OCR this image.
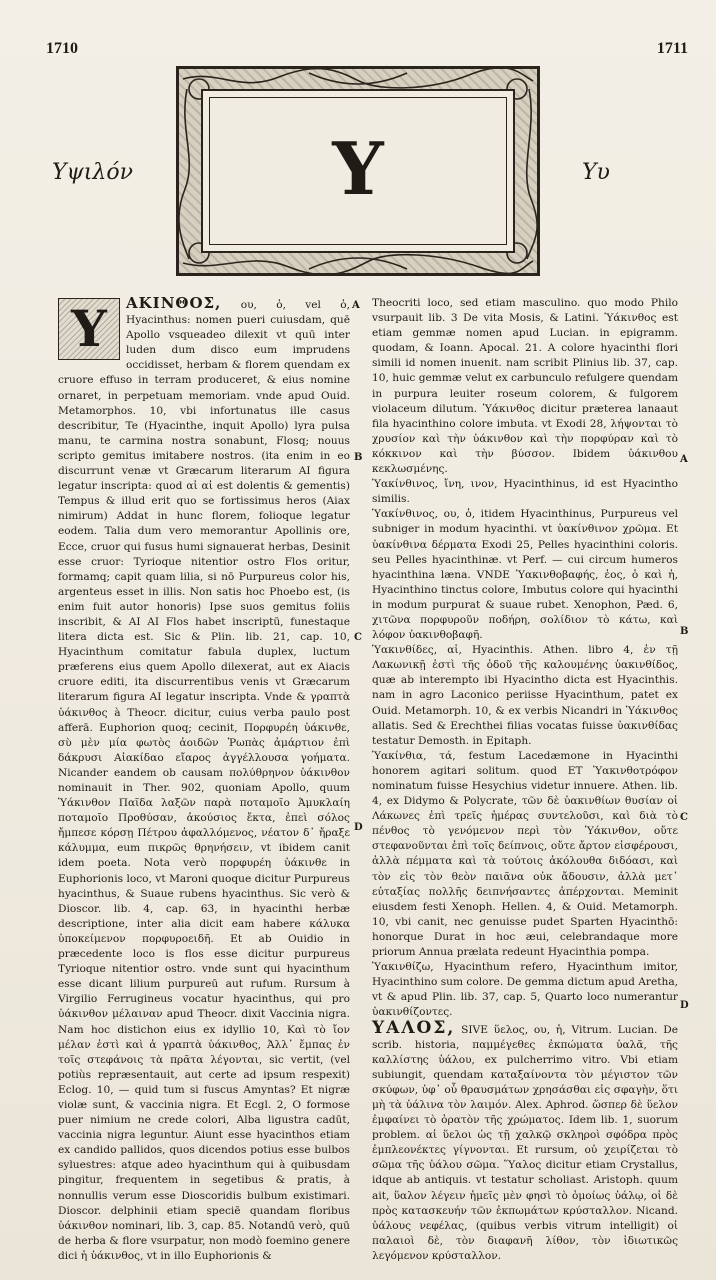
1710	1711
Υψιλόν	Υυ
Υ

Υ	ΑΚΙΝΘΟΣ, ου, ὁ, vel ὁ, Hyacinthus: nomen pueri cuiusdam, quē Apollo vsqueadeo dilexit vt quū inter luden dum disco eum imprudens occidisset, herbam & florem quendam ex cruore effuso in terram produceret, & eius nomine ornaret, in perpetuam memoriam. vnde apud Ouid. Metamorphos. 10, vbi infortunatus ille casus describitur, Te (Hyacinthe, inquit Apollo) lyra pulsa manu, te carmina nostra sonabunt, Flosq; nouus scripto gemitus imitabere nostros. (ita enim in eo discurrunt venæ vt Græcarum literarum AI figura legatur inscripta: quod αἰ αἰ est dolentis & gementis) Tempus & illud erit quo se fortissimus heros (Aiax nimirum) Addat in hunc florem, folioque legatur eodem. Talia dum vero memorantur Apollinis ore, Ecce, cruor qui fusus humi signauerat herbas, Desinit esse cruor: Tyrioque nitentior ostro Flos oritur, formamq; capit quam lilia, si nō Purpureus color his, argenteus esset in illis. Non satis hoc Phoebo est, (is enim fuit autor honoris) Ipse suos gemitus foliis inscribit, & AI AI Flos habet inscriptū, funestaque litera dicta est. Sic & Plin. lib. 21, cap. 10, Hyacinthum comitatur fabula duplex, luctum præferens eius quem Apollo dilexerat, aut ex Aiacis cruore editi, ita discurrentibus venis vt Græcarum literarum figura AI legatur inscripta. Vnde & γραπτὰ ὑάκινθος à Theocr. dicitur, cuius verba paulo post afferā. Euphorion quoq; cecinit, Πορφυρέη ὑάκινθε, σὺ μὲν μία φωτὸς ἀοιδῶν Ῥωπὰς ἀμάρτιον ἐπὶ δάκρυσι Αἰακίδαο εἴαρος ἀγγέλλουσα γοήματα. Nicander eandem ob causam πολύθρηνον ὑάκινθον nominauit in Ther. 902, quoniam Apollo, quum Ὑάκινθον Παῖδα λαξῶν παρὰ ποταμοῖο Ἀμυκλαίη ποταμοῖο Προθύσαν, ἀκούσιος ἔκτα, ἐπεὶ σόλος ἤμπεσε κόρσῃ Πέτρου ἀφαλλόμενος, νέατον δ᾽ ἤραξε κάλυμμα, eum πικρῶς θρηνήσειν, vt ibidem canit idem poeta. Nota verò πορφυρέη ὑάκινθε in Euphorionis loco, vt Maroni quoque dicitur Purpureus hyacinthus, & Suaue rubens hyacinthus. Sic verò & Dioscor. lib. 4, cap. 63, in hyacinthi herbæ descriptione, inter alia dicit eam habere κάλυκα ὑποκείμενον πορφυροειδῆ. Et ab Ouidio in præcedente loco is flos esse dicitur purpureus Tyrioque nitentior ostro. vnde sunt qui hyacinthum esse dicant lilium purpureū aut rufum. Rursum à Virgilio Ferrugineus vocatur hyacinthus, qui pro ὑάκινθον μέλαιναν apud Theocr. dixit Vaccinia nigra. Nam hoc distichon eius ex idyllio 10, Καὶ τὸ ἴον μέλαν ἐστὶ καὶ ἁ γραπτὰ ὑάκινθος, Ἀλλ᾽ ἔμπας ἐν τοῖς στεφάνοις τὰ πρᾶτα λέγονται, sic vertit, (vel potiùs repræsentauit, aut certe ad ipsum respexit) Eclog. 10, — quid tum si fuscus Amyntas? Et nigræ violæ sunt, & vaccinia nigra. Et Ecgl. 2, O formose puer nimium ne crede colori, Alba ligustra cadūt, vaccinia nigra leguntur. Aiunt esse hyacinthos etiam ex candido pallidos, quos dicendos potius esse bulbos syluestres: atque adeo hyacinthum qui à quibusdam pingitur, frequentem in segetibus & pratis, à nonnullis verum esse Dioscoridis bulbum existimari. Dioscor. delphinii etiam speciē quandam floribus ὑάκινθον nominari, lib. 3, cap. 85. Notandū verò, quū de herba & flore vsurpatur, non modò foemino genere dici ἡ ὑάκινθος, vt in illo Euphorionis &

Theocriti loco, sed etiam masculino. quo modo Philo vsurpauit lib. 3 De vita Mosis, & Latini. Ὑάκινθος est etiam gemmæ nomen apud Lucian. in epigramm. quodam, & Ioann. Apocal. 21. A colore hyacinthi flori simili id nomen inuenit. nam scribit Plinius lib. 37, cap. 10, huic gemmæ velut ex carbunculo refulgere quendam in purpura leuiter roseum colorem, & fulgorem violaceum dilutum. Ὑάκινθος dicitur præterea lanaaut fila hyacinthino colore imbuta. vt Exodi 28, λήψονται τὸ χρυσίον καὶ τὴν ὑάκινθον καὶ τὴν πορφύραν καὶ τὸ κόκκινον καὶ τὴν βύσσον. Ibidem ὑάκινθου κεκλωσμένης.

Ὑακίνθινος, ἴνη, ινον, Hyacinthinus, id est Hyacintho similis.

Ὑακίνθινος, ου, ὁ, itidem Hyacinthinus, Purpureus vel subniger in modum hyacinthi. vt ὑακίνθινον χρῶμα. Et ὑακίνθινα δέρματα Exodi 25, Pelles hyacinthini coloris. seu Pelles hyacinthinæ. vt Perf. — cui circum humeros hyacinthina læna. VNDE Ὑακινθοβαφής, ἐος, ὁ καὶ ἡ, Hyacinthino tinctus colore, Imbutus colore qui hyacinthi in modum purpurat & suaue rubet. Xenophon, Pæd. 6, χιτῶνα πορφυροῦν ποδήρη, σολίδιον τὸ κάτω, καὶ λόφον ὑακινθοβαφῆ.

Ὑακινθίδες, αἱ, Hyacinthis. Athen. libro 4, ἐν τῇ Λακωνικῇ ἐστὶ τῆς ὁδοῦ τῆς καλουμένης ὑακινθίδος, quæ ab interempto ibi Hyacintho dicta est Hyacinthis. nam in agro Laconico periisse Hyacinthum, patet ex Ouid. Metamorph. 10, & ex verbis Nicandri in Ὑάκινθος allatis. Sed & Erechthei filias vocatas fuisse ὑακινθίδας testatur Demosth. in Epitaph.

Ὑακίνθια, τά, festum Lacedæmone in Hyacinthi honorem agitari solitum. quod ET Ὑακινθοτρόφον nominatum fuisse Hesychius videtur innuere. Athen. lib. 4, ex Didymo & Polycrate, τῶν δὲ ὑακινθίων θυσίαν οἱ Λάκωνες ἐπὶ τρεῖς ἡμέρας συντελοῦσι, καὶ διὰ τὸ πένθος τὸ γενόμενον περὶ τὸν Ὑάκινθον, οὔτε στεφανοῦνται ἐπὶ τοῖς δείπνοις, οὔτε ἄρτον εἰσφέρουσι, ἀλλὰ πέμματα καὶ τὰ τούτοις ἀκόλουθα διδόασι, καὶ τὸν εἰς τὸν θεὸν παιᾶνα οὐκ ἄδουσιν, ἀλλὰ μετ᾽ εὐταξίας πολλῆς δειπνήσαντες ἀπέρχονται. Meminit eiusdem festi Xenoph. Hellen. 4, & Ouid. Metamorph. 10, vbi canit, nec genuisse pudet Sparten Hyacinthō: honorque Durat in hoc æui, celebrandaque more priorum Annua prælata redeunt Hyacinthia pompa.

Ὑακινθίζω, Hyacinthum refero, Hyacinthum imitor, Hyacinthino sum colore. De gemma dictum apud Aretha, vt & apud Plin. lib. 37, cap. 5, Quarto loco numerantur ὑακινθίζοντες.

ΥΑΛΟΣ, SIVE ὕελος, ου, ἡ, Vitrum. Lucian. De scrib. historia, παμμέγεθες ἐκπώματα ὑαλᾶ, τῆς καλλίστης ὑάλου, ex pulcherrimo vitro. Vbi etiam subiungit, quendam καταξαίνοντα τὸν μέγιστον τῶν σκύφων, ὑφ᾽ οὗ θραυσμάτων χρησάσθαι εἰς σφαγὴν, ὅτι μὴ τὰ ὑάλινα τὸν λαιμόν. Alex. Aphrod. ὥσπερ δὲ ὕελον ἐμφαίνει τὸ ὁρατὸν τῆς χρώματος. Idem lib. 1, suorum problem. αἱ ὕελοι ὡς τῇ χαλκῷ σκληροὶ σφόδρα πρὸς ἐμπλεονέκτες γίγνονται. Et rursum, οὐ χειρίζεται τὸ σῶμα τῆς ὑάλου σῶμα. Ὕαλος dicitur etiam Crystallus, idque ab antiquis. vt testatur scholiast. Aristoph. quum ait, ὕαλον λέγειν ἡμεῖς μὲν φησὶ τὸ ὁμοίως ὑάλῳ, οἱ δὲ πρὸς κατασκευήν τῶν ἐκπωμάτων κρύσταλλον. Nicand. ὑάλους νεφέλας, (quibus verbis vitrum intelligit) οἱ παλαιοὶ δὲ, τὸν διαφανῆ λίθον, τὸν ἰδιωτικῶς λεγόμενον κρύσταλλον.

A
B
C
D
A
B
C
D
